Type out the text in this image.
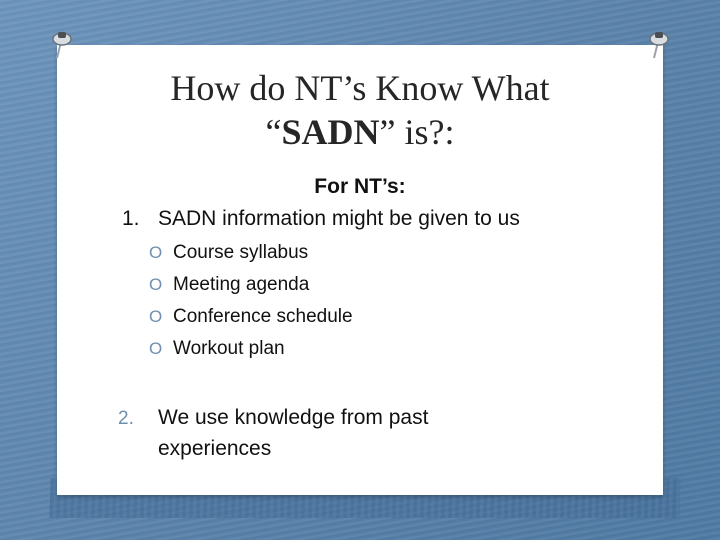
How do NT’s Know What
“SADN” is?:
For NT’s:
1. SADN information might be given to us
O Course syllabus
O Meeting agenda
O Conference schedule
O Workout plan
2. We use knowledge from past
experiences
